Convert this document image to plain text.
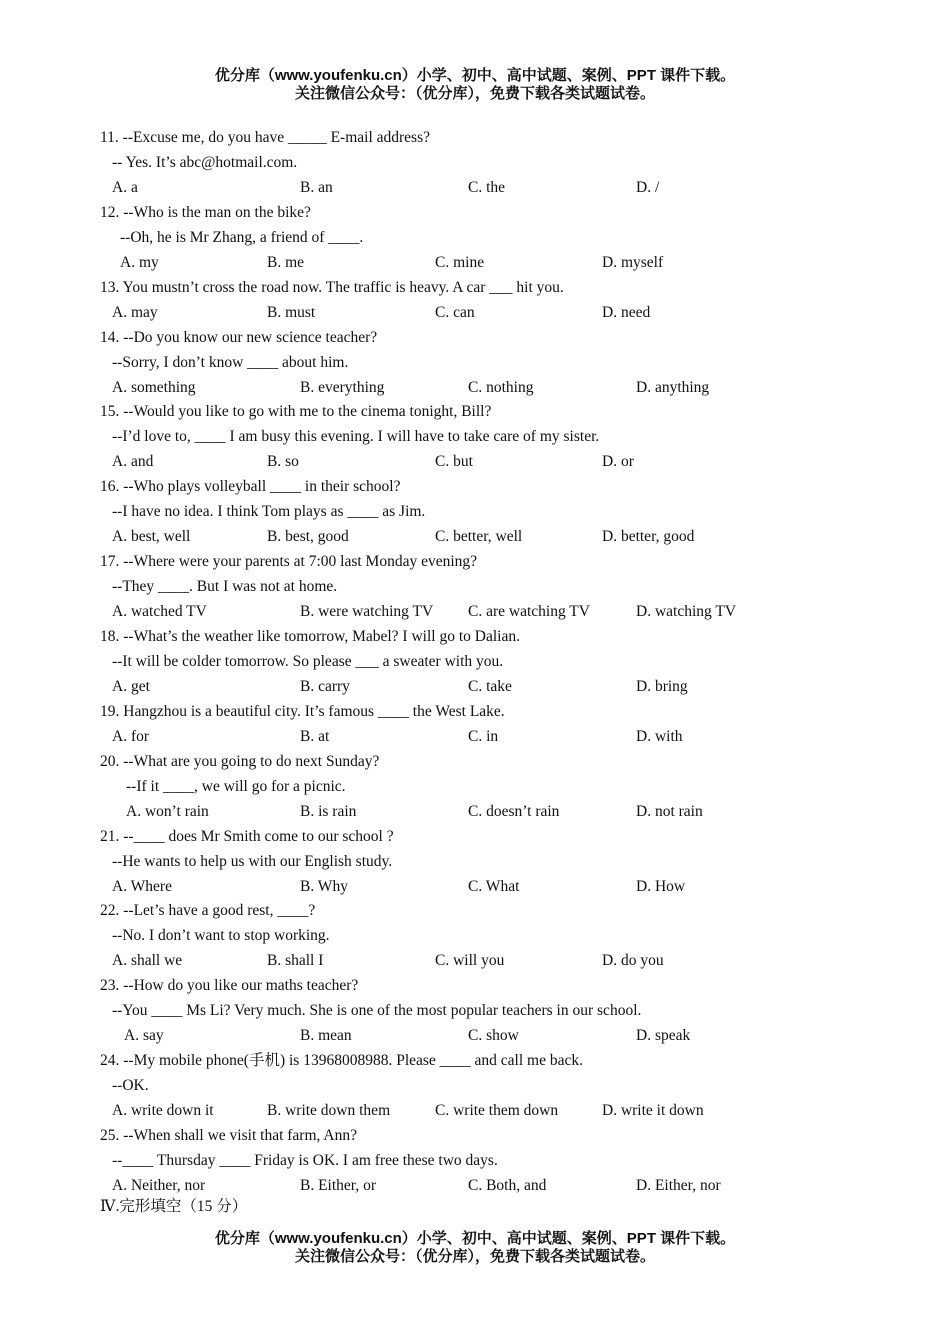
优分库（www.youfenku.cn）小学、初中、高中试题、案例、PPT 课件下载。
关注微信公众号：（优分库），免费下载各类试题试卷。
11. --Excuse me, do you have _____ E-mail address?
-- Yes. It’s abc@hotmail.com.
A. a	B. an	C. the	D. /
12. --Who is the man on the bike?
--Oh, he is Mr Zhang, a friend of ____.
A. my	B. me	C. mine	D. myself
13. You mustn’t cross the road now. The traffic is heavy. A car ___ hit you.
A. may	B. must	C. can	D. need
14. --Do you know our new science teacher?
--Sorry, I don’t know ____ about him.
A. something	B. everything	C. nothing	D. anything
15. --Would you like to go with me to the cinema tonight, Bill?
--I’d love to, ____ I am busy this evening. I will have to take care of my sister.
A. and	B. so	C. but	D. or
16. --Who plays volleyball ____ in their school?
--I have no idea. I think Tom plays as ____ as Jim.
A. best, well	B. best, good	C. better, well	D. better, good
17. --Where were your parents at 7:00 last Monday evening?
--They ____. But I was not at home.
A. watched TV	B. were watching TV C. are watching TV	D. watching TV
18. --What’s the weather like tomorrow, Mabel? I will go to Dalian.
--It will be colder tomorrow. So please ___ a sweater with you.
A. get	B. carry	C. take	D. bring
19. Hangzhou is a beautiful city. It’s famous ____ the West Lake.
A. for	B. at	C. in	D. with
20. --What are you going to do next Sunday?
--If it ____, we will go for a picnic.
A. won’t rain	B. is rain	C. doesn’t rain	D. not rain
21. --____ does Mr Smith come to our school ?
--He wants to help us with our English study.
A. Where	B. Why	C. What	D. How
22. --Let’s have a good rest, ____?
--No. I don’t want to stop working.
A. shall we	B. shall I	C. will you	D. do you
23. --How do you like our maths teacher?
--You ____ Ms Li? Very much. She is one of the most popular teachers in our school.
A. say	B. mean	C. show	D. speak
24. --My mobile phone(手机) is 13968008988. Please ____ and call me back.
--OK.
A. write down it	B. write down them	C. write them down	D. write it down
25. --When shall we visit that farm, Ann?
--____ Thursday ____ Friday is OK. I am free these two days.
A. Neither, nor	B. Either, or	C. Both, and	D. Either, nor
Ⅳ.完形填空（15 分）
优分库（www.youfenku.cn）小学、初中、高中试题、案例、PPT 课件下载。
关注微信公众号：（优分库），免费下载各类试题试卷。
